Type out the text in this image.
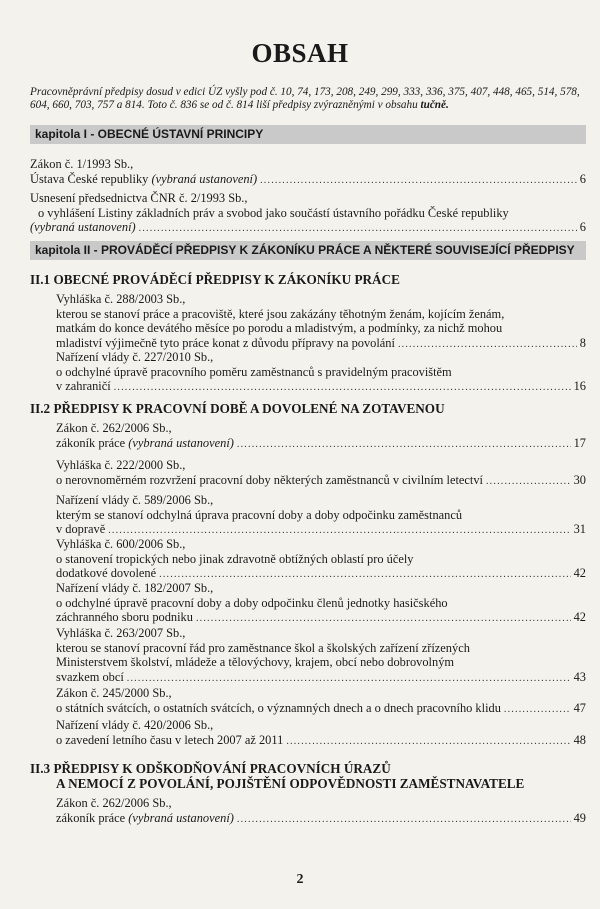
OBSAH
Pracovněprávní předpisy dosud v edici ÚZ vyšly pod č. 10, 74, 173, 208, 249, 299, 333, 336, 375, 407, 448, 465, 514, 578, 604, 660, 703, 757 a 814. Toto č. 836 se od č. 814 liší předpisy zvýrazněnými v obsahu tučně.
kapitola I - OBECNÉ ÚSTAVNÍ PRINCIPY
Zákon č. 1/1993 Sb.,
Ústava České republiky (vybraná ustanovení) .....	6
Usnesení předsednictva ČNR č. 2/1993 Sb.,
o vyhlášení Listiny základních práv a svobod jako součástí ústavního pořádku České republiky
(vybraná ustanovení) .....	6
kapitola II - PROVÁDĚCÍ PŘEDPISY K ZÁKONÍKU PRÁCE A NĚKTERÉ SOUVISEJÍCÍ PŘEDPISY
II.1 OBECNÉ PROVÁDĚCÍ PŘEDPISY K ZÁKONÍKU PRÁCE
Vyhláška č. 288/2003 Sb.,
kterou se stanoví práce a pracoviště, které jsou zakázány těhotným ženám, kojícím ženám,
matkám do konce devátého měsíce po porodu a mladistvým, a podmínky, za nichž mohou
mladiství výjimečně tyto práce konat z důvodu přípravy na povolání .....	8
Nařízení vlády č. 227/2010 Sb.,
o odchylné úpravě pracovního poměru zaměstnanců s pravidelným pracovištěm
v zahraničí .....	16
II.2 PŘEDPISY K PRACOVNÍ DOBĚ A DOVOLENÉ NA ZOTAVENOU
Zákon č. 262/2006 Sb.,
zákoník práce (vybraná ustanovení) .....	17
Vyhláška č. 222/2000 Sb.,
o nerovnoměrném rozvržení pracovní doby některých zaměstnanců v civilním letectví .....	30
Nařízení vlády č. 589/2006 Sb.,
kterým se stanoví odchylná úprava pracovní doby a doby odpočinku zaměstnanců
v dopravě .....	31
Vyhláška č. 600/2006 Sb.,
o stanovení tropických nebo jinak zdravotně obtížných oblastí pro účely
dodatkové dovolené .....	42
Nařízení vlády č. 182/2007 Sb.,
o odchylné úpravě pracovní doby a doby odpočinku členů jednotky hasičského
záchranného sboru podniku .....	42
Vyhláška č. 263/2007 Sb.,
kterou se stanoví pracovní řád pro zaměstnance škol a školských zařízení zřízených
Ministerstvem školství, mládeže a tělovýchovy, krajem, obcí nebo dobrovolným
svazkem obcí .....	43
Zákon č. 245/2000 Sb.,
o státních svátcích, o ostatních svátcích, o významných dnech a o dnech pracovního klidu .....	47
Nařízení vlády č. 420/2006 Sb.,
o zavedení letního času v letech 2007 až 2011 .....	48
II.3 PŘEDPISY K ODŠKODŇOVÁNÍ PRACOVNÍCH ÚRAZŮ
A NEMOCÍ Z POVOLÁNÍ, POJIŠTĚNÍ ODPOVĚDNOSTI ZAMĚSTNAVATELE
Zákon č. 262/2006 Sb.,
zákoník práce (vybraná ustanovení) .....	49
2
